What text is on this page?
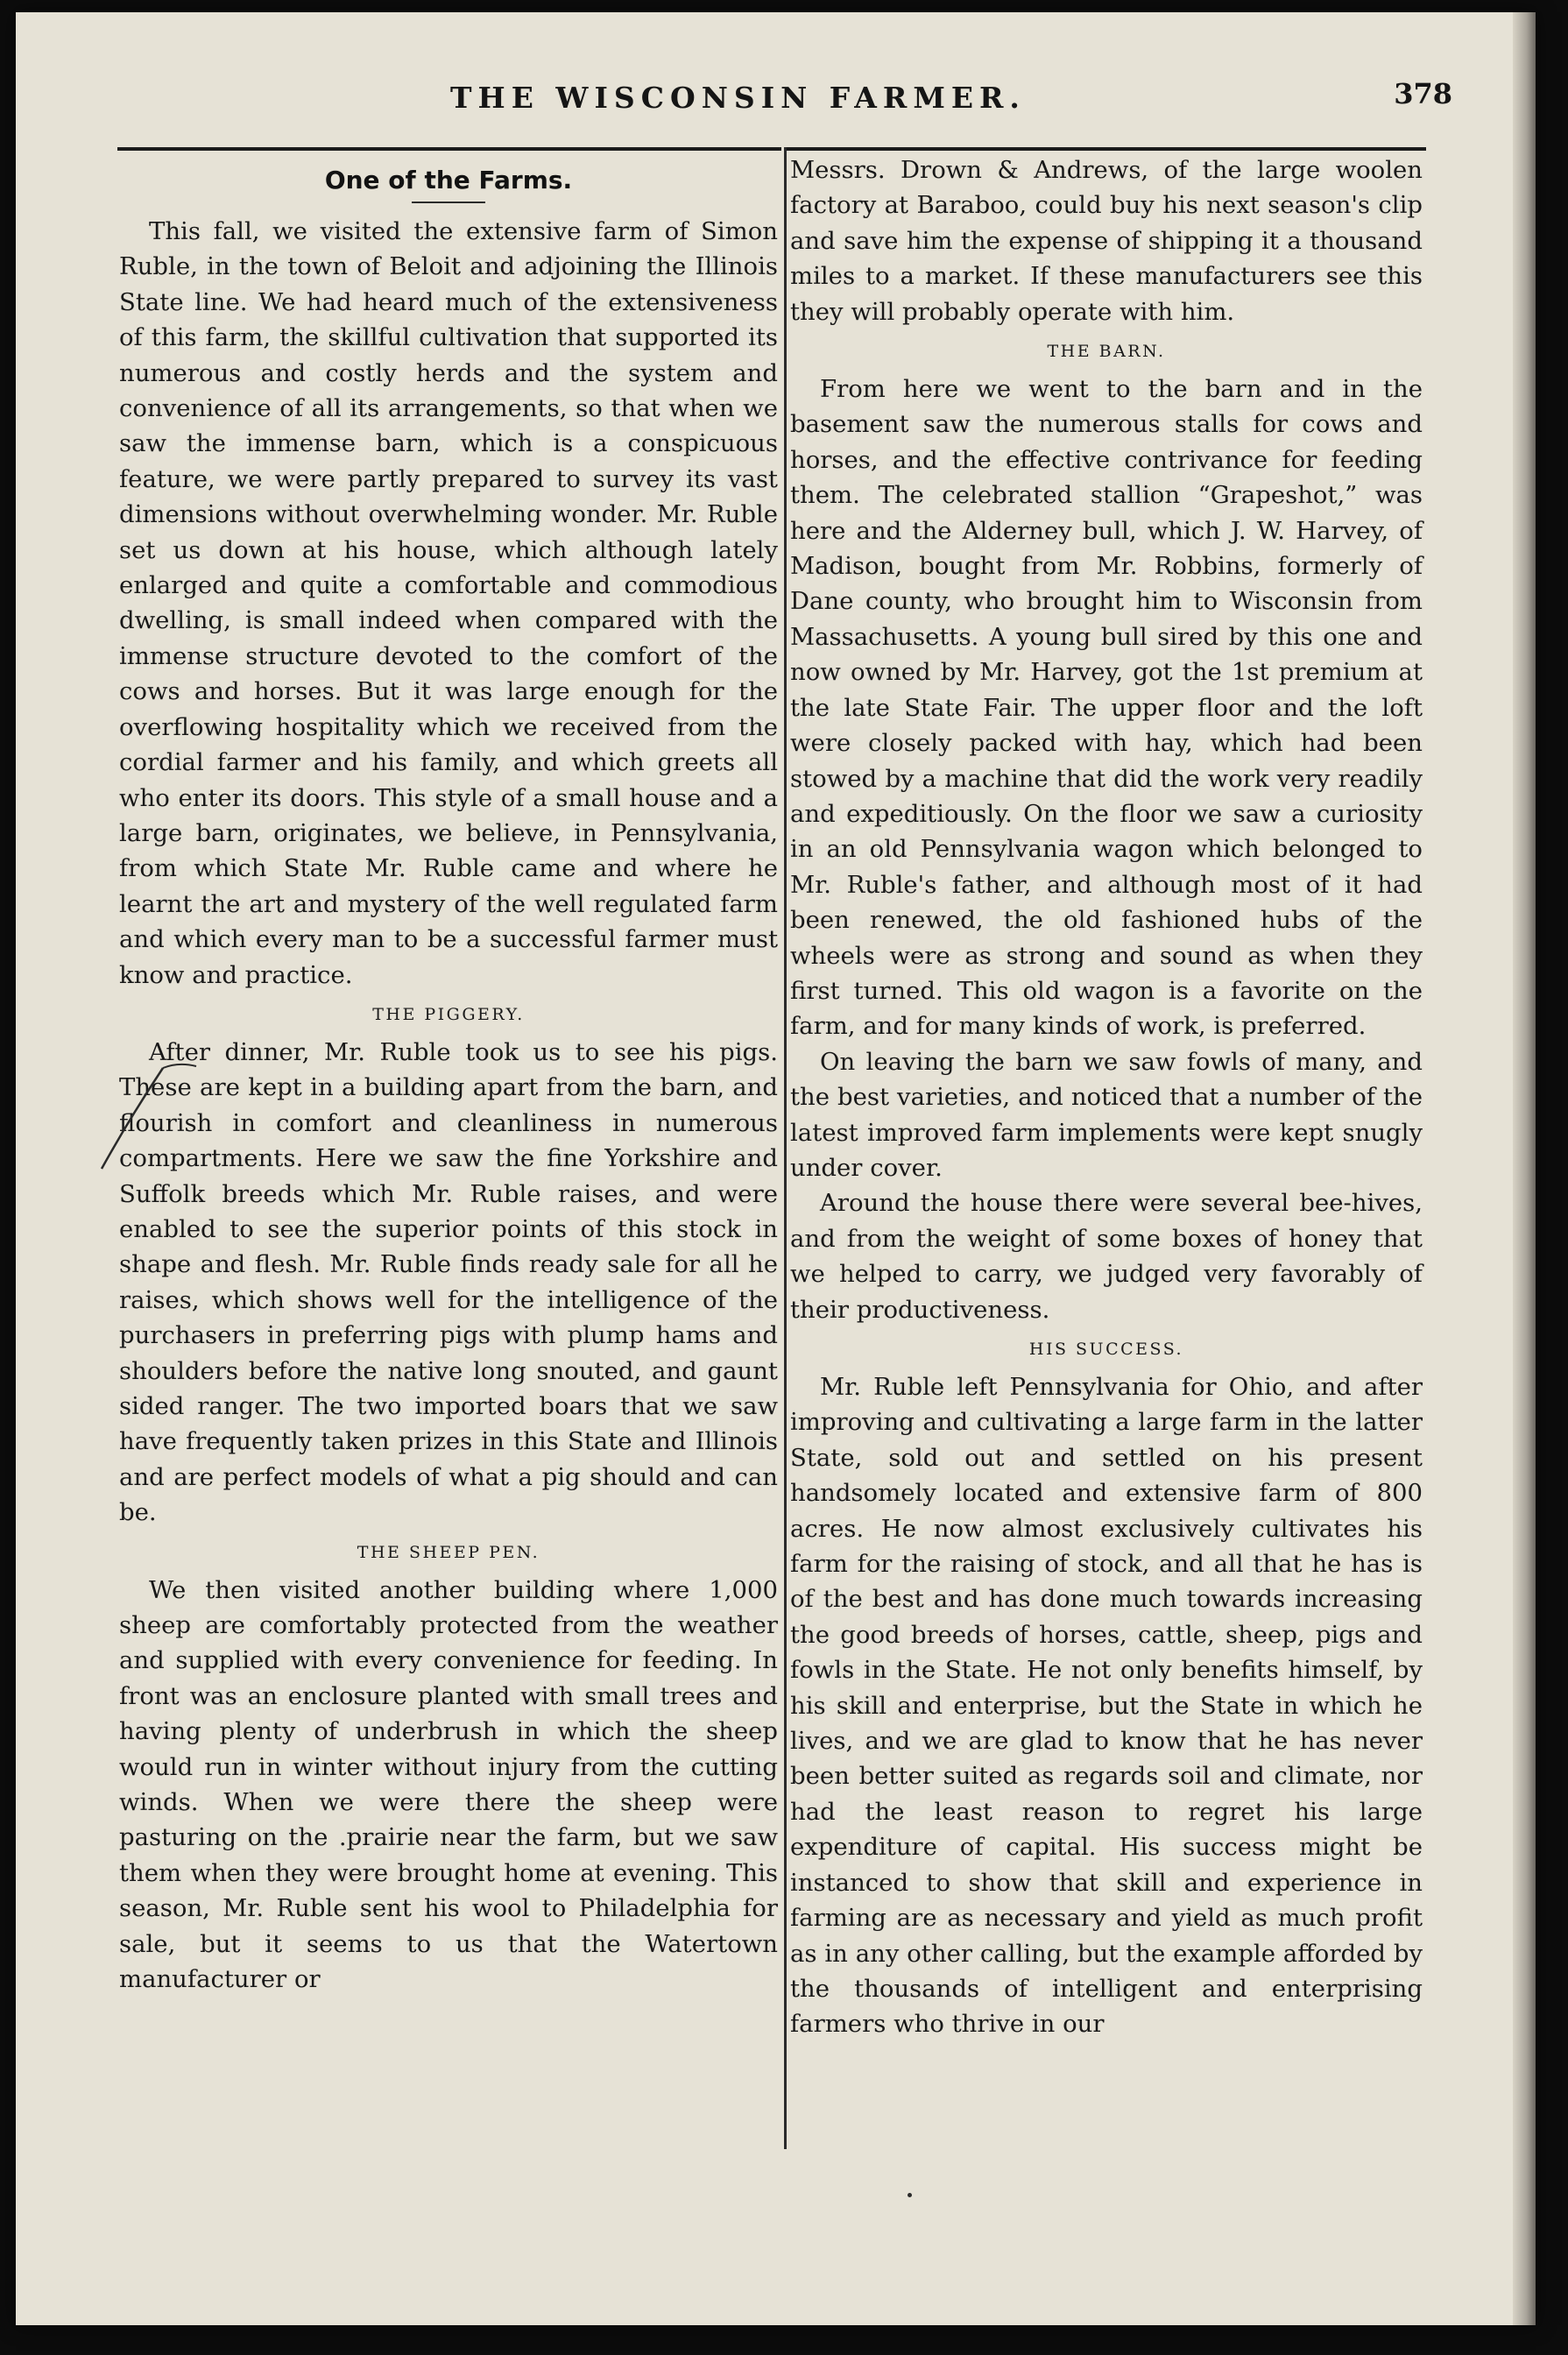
THE WISCONSIN FARMER.	378
One of the Farms.

This fall, we visited the extensive farm of Simon Ruble, in the town of Beloit and adjoining the Illinois State line. We had heard much of the extensiveness of this farm, the skillful cultivation that supported its numerous and costly herds and the system and convenience of all its arrangements, so that when we saw the immense barn, which is a conspicuous feature, we were partly prepared to survey its vast dimensions without overwhelming wonder. Mr. Ruble set us down at his house, which although lately enlarged and quite a comfortable and commodious dwelling, is small indeed when compared with the immense structure devoted to the comfort of the cows and horses. But it was large enough for the overflowing hospitality which we received from the cordial farmer and his family, and which greets all who enter its doors. This style of a small house and a large barn, originates, we believe, in Pennsylvania, from which State Mr. Ruble came and where he learnt the art and mystery of the well regulated farm and which every man to be a successful farmer must know and practice.

THE PIGGERY.

After dinner, Mr. Ruble took us to see his pigs. These are kept in a building apart from the barn, and flourish in comfort and cleanliness in numerous compartments. Here we saw the fine Yorkshire and Suffolk breeds which Mr. Ruble raises, and were enabled to see the superior points of this stock in shape and flesh. Mr. Ruble finds ready sale for all he raises, which shows well for the intelligence of the purchasers in preferring pigs with plump hams and shoulders before the native long snouted, and gaunt sided ranger. The two imported boars that we saw have frequently taken prizes in this State and Illinois and are perfect models of what a pig should and can be.

THE SHEEP PEN.

We then visited another building where 1,000 sheep are comfortably protected from the weather and supplied with every convenience for feeding. In front was an enclosure planted with small trees and having plenty of underbrush in which the sheep would run in winter without injury from the cutting winds. When we were there the sheep were pasturing on the .prairie near the farm, but we saw them when they were brought home at evening. This season, Mr. Ruble sent his wool to Philadelphia for sale, but it seems to us that the Watertown manufacturer or

Messrs. Drown & Andrews, of the large woolen factory at Baraboo, could buy his next season's clip and save him the expense of shipping it a thousand miles to a market. If these manufacturers see this they will probably operate with him.

THE BARN.

From here we went to the barn and in the basement saw the numerous stalls for cows and horses, and the effective contrivance for feeding them. The celebrated stallion “Grapeshot,” was here and the Alderney bull, which J. W. Harvey, of Madison, bought from Mr. Robbins, formerly of Dane county, who brought him to Wisconsin from Massachusetts. A young bull sired by this one and now owned by Mr. Harvey, got the 1st premium at the late State Fair. The upper floor and the loft were closely packed with hay, which had been stowed by a machine that did the work very readily and expeditiously. On the floor we saw a curiosity in an old Pennsylvania wagon which belonged to Mr. Ruble's father, and although most of it had been renewed, the old fashioned hubs of the wheels were as strong and sound as when they first turned. This old wagon is a favorite on the farm, and for many kinds of work, is preferred.

On leaving the barn we saw fowls of many, and the best varieties, and noticed that a number of the latest improved farm implements were kept snugly under cover.

Around the house there were several bee-hives, and from the weight of some boxes of honey that we helped to carry, we judged very favorably of their productiveness.

HIS SUCCESS.

Mr. Ruble left Pennsylvania for Ohio, and after improving and cultivating a large farm in the latter State, sold out and settled on his present handsomely located and extensive farm of 800 acres. He now almost exclusively cultivates his farm for the raising of stock, and all that he has is of the best and has done much towards increasing the good breeds of horses, cattle, sheep, pigs and fowls in the State. He not only benefits himself, by his skill and enterprise, but the State in which he lives, and we are glad to know that he has never been better suited as regards soil and climate, nor had the least reason to regret his large expenditure of capital. His success might be instanced to show that skill and experience in farming are as necessary and yield as much profit as in any other calling, but the example afforded by the thousands of intelligent and enterprising farmers who thrive in our
